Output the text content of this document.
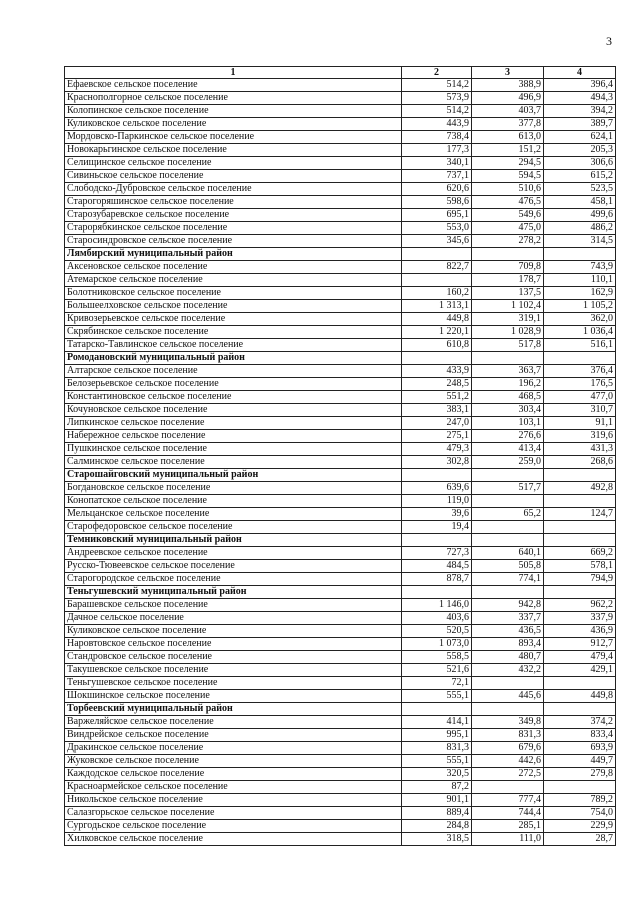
3
1	2	3	4
Ефаевское сельское поселение	514,2	388,9	396,4
Краснополгорное сельское поселение	573,9	496,9	494,3
Колопинское сельское поселение	514,2	403,7	394,2
Куликовское сельское поселение	443,9	377,8	389,7
Мордовско-Паркинское сельское поселение	738,4	613,0	624,1
Новокарьгинское сельское поселение	177,3	151,2	205,3
Селищинское сельское поселение	340,1	294,5	306,6
Сивиньское сельское поселение	737,1	594,5	615,2
Слободско-Дубровское сельское поселение	620,6	510,6	523,5
Старогоряшинское сельское поселение	598,6	476,5	458,1
Старозубаревское сельское поселение	695,1	549,6	499,6
Старорябкинское сельское поселение	553,0	475,0	486,2
Старосиндровское сельское поселение	345,6	278,2	314,5
Лямбирский муниципальный район			
Аксеновское сельское поселение	822,7	709,8	743,9
Атемарское сельское поселение		178,7	110,1
Болотниковское сельское поселение	160,2	137,5	162,9
Большеелховское сельское поселение	1 313,1	1 102,4	1 105,2
Кривозерьевское сельское поселение	449,8	319,1	362,0
Скрябинское сельское поселение	1 220,1	1 028,9	1 036,4
Татарско-Тавлинское сельское поселение	610,8	517,8	516,1
Ромодановский муниципальный район			
Алтарское сельское поселение	433,9	363,7	376,4
Белозерьевское сельское поселение	248,5	196,2	176,5
Константиновское сельское поселение	551,2	468,5	477,0
Кочуновское сельское поселение	383,1	303,4	310,7
Липкинское сельское поселение	247,0	103,1	91,1
Набережное сельское поселение	275,1	276,6	319,6
Пушкинское сельское поселение	479,3	413,4	431,3
Салминское сельское поселение	302,8	259,0	268,6
Старошайговский муниципальный район			
Богдановское сельское поселение	639,6	517,7	492,8
Конопатское сельское поселение	119,0		
Мельцанское сельское поселение	39,6	65,2	124,7
Старофедоровское сельское поселение	19,4		
Темниковский муниципальный район			
Андреевское сельское поселение	727,3	640,1	669,2
Русско-Тювеевское сельское поселение	484,5	505,8	578,1
Старогородское сельское поселение	878,7	774,1	794,9
Теньгушевский муниципальный район			
Барашевское сельское поселение	1 146,0	942,8	962,2
Дачное сельское поселение	403,6	337,7	337,9
Куликовское сельское поселение	520,5	436,5	436,9
Наровтовское сельское поселение	1 073,0	893,4	912,7
Стандровское сельское поселение	558,5	480,7	479,4
Такушевское сельское поселение	521,6	432,2	429,1
Теньгушевское сельское поселение	72,1		
Шокшинское сельское поселение	555,1	445,6	449,8
Торбеевский муниципальный район			
Варжеляйское сельское поселение	414,1	349,8	374,2
Виндрейское сельское поселение	995,1	831,3	833,4
Дракинское сельское поселение	831,3	679,6	693,9
Жуковское сельское поселение	555,1	442,6	449,7
Каждодское сельское поселение	320,5	272,5	279,8
Красноармейское сельское поселение	87,2		
Никольское сельское поселение	901,1	777,4	789,2
Салазгорьское сельское поселение	889,4	744,4	754,0
Сургодьское сельское поселение	284,8	285,1	229,9
Хилковское сельское поселение	318,5	111,0	28,7
